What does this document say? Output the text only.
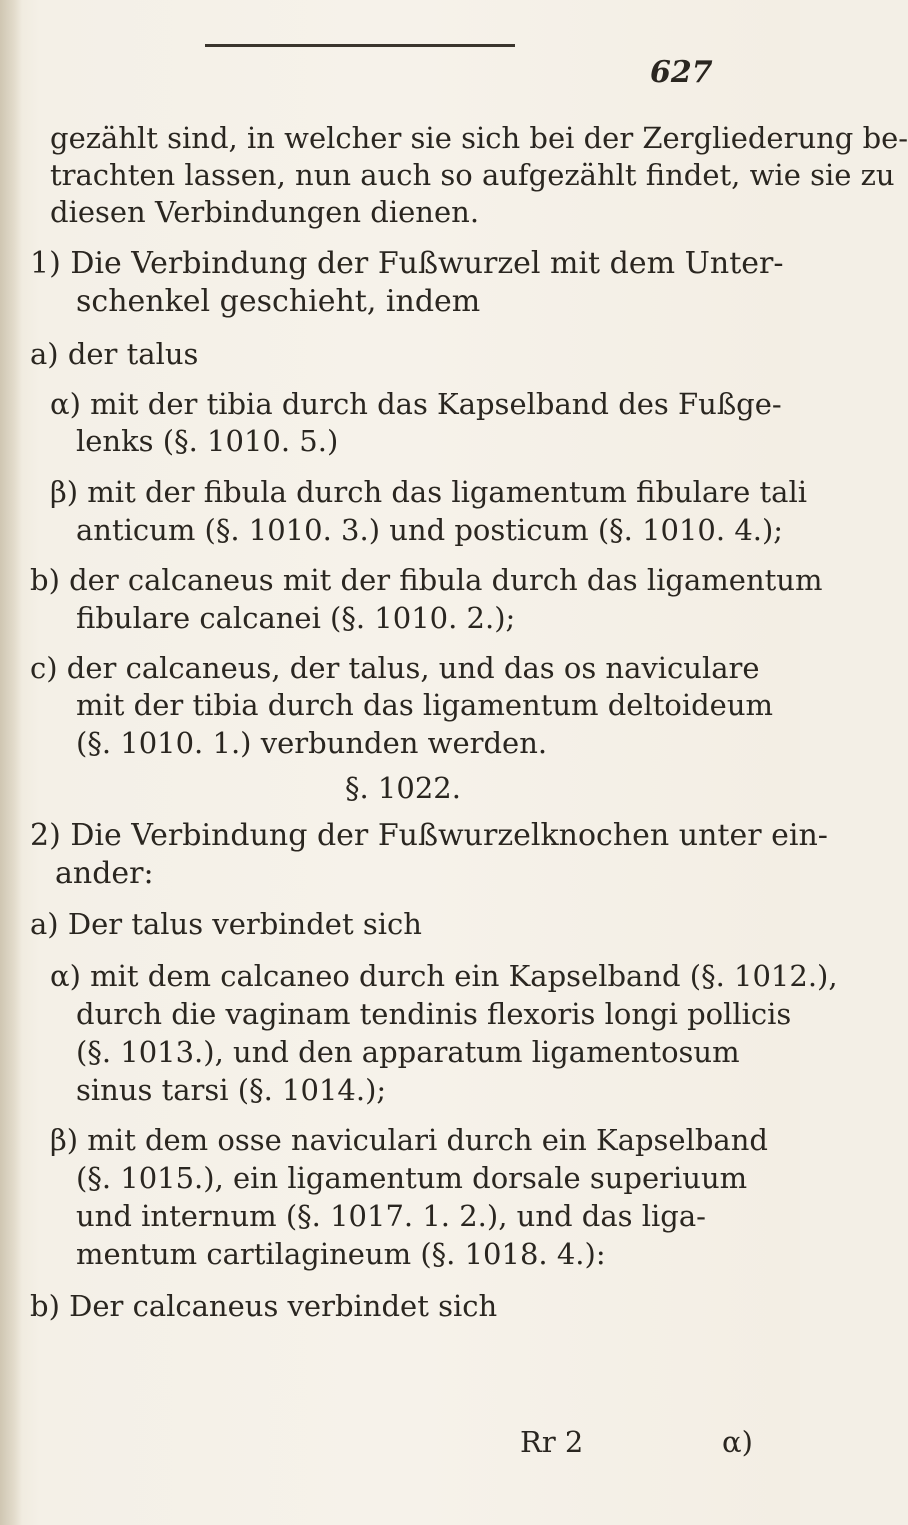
627
gezählt sind, in welcher sie sich bei der Zergliederung be-
trachten lassen, nun auch so aufgezählt findet, wie sie zu
diesen Verbindungen dienen.
1) Die Verbindung der Fußwurzel mit dem Unter-
schenkel geschieht, indem
a) der talus
α) mit der tibia durch das Kapselband des Fußge-
lenks (§. 1010. 5.)
β) mit der fibula durch das ligamentum fibulare tali
anticum (§. 1010. 3.) und posticum (§. 1010. 4.);
b) der calcaneus mit der fibula durch das ligamentum
fibulare calcanei (§. 1010. 2.);
c) der calcaneus, der talus, und das os naviculare
mit der tibia durch das ligamentum deltoideum
(§. 1010. 1.) verbunden werden.
§. 1022.
2) Die Verbindung der Fußwurzelknochen unter ein-
ander:
a) Der talus verbindet sich
α) mit dem calcaneo durch ein Kapselband (§. 1012.),
durch die vaginam tendinis flexoris longi pollicis
(§. 1013.), und den apparatum ligamentosum
sinus tarsi (§. 1014.);
β) mit dem osse naviculari durch ein Kapselband
(§. 1015.), ein ligamentum dorsale superiuum
und internum (§. 1017. 1. 2.), und das liga-
mentum cartilagineum (§. 1018. 4.):
b) Der calcaneus verbindet sich
Rr 2	α)
